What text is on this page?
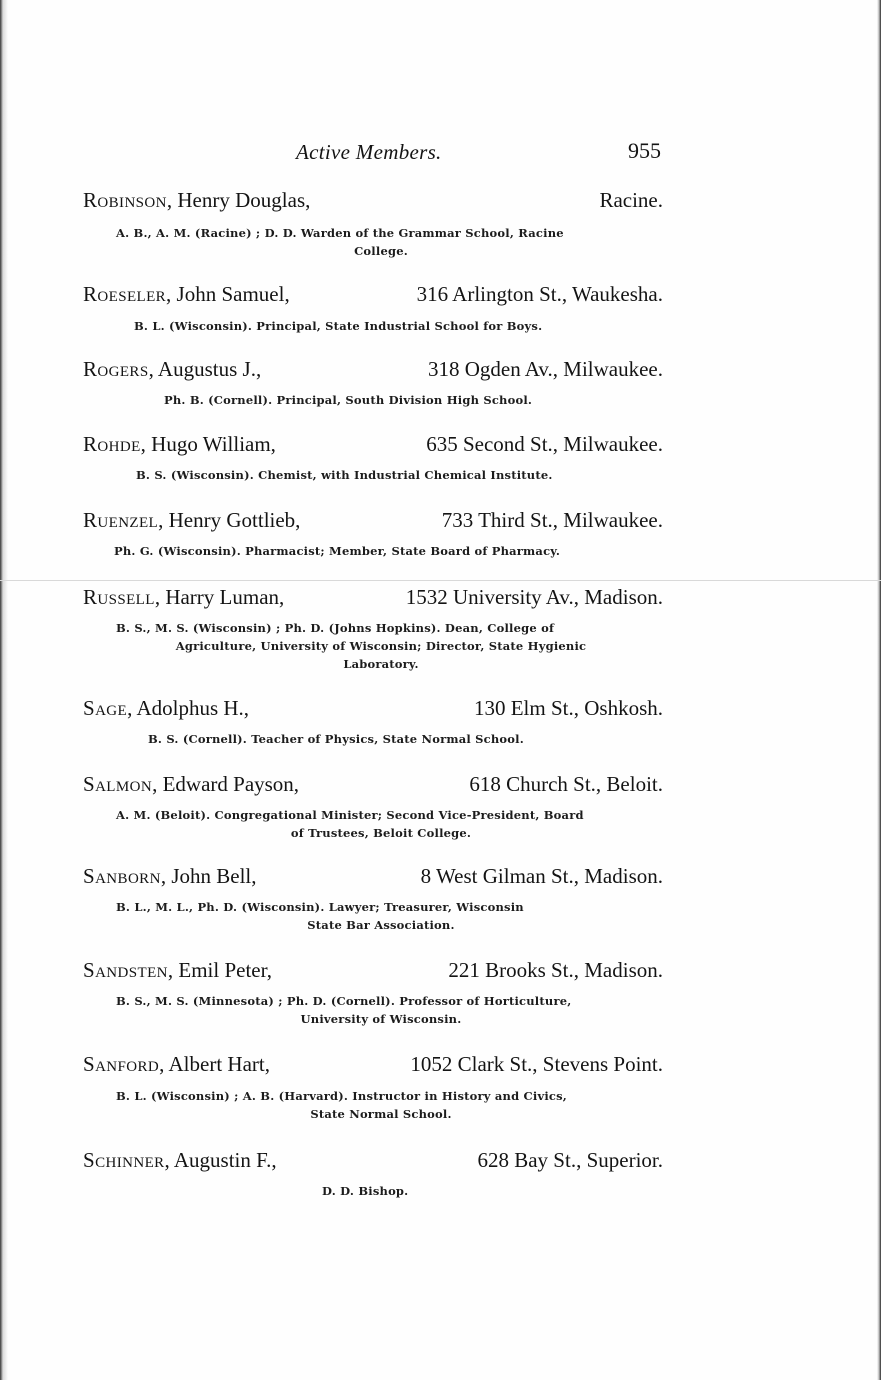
Active Members.	955
Robinson, Henry Douglas,	Racine.

A. B., A. M. (Racine) ; D. D. Warden of the Grammar School, Racine

College.

Roeseler, John Samuel,	316 Arlington St., Waukesha.

B. L. (Wisconsin). Principal, State Industrial School for Boys.

Rogers, Augustus J.,	318 Ogden Av., Milwaukee.

Ph. B. (Cornell). Principal, South Division High School.

Rohde, Hugo William,	635 Second St., Milwaukee.

B. S. (Wisconsin). Chemist, with Industrial Chemical Institute.

Ruenzel, Henry Gottlieb,	733 Third St., Milwaukee.

Ph. G. (Wisconsin). Pharmacist; Member, State Board of Pharmacy.

Russell, Harry Luman,	1532 University Av., Madison.

B. S., M. S. (Wisconsin) ; Ph. D. (Johns Hopkins). Dean, College of

Agriculture, University of Wisconsin; Director, State Hygienic

Laboratory.

Sage, Adolphus H.,	130 Elm St., Oshkosh.

B. S. (Cornell). Teacher of Physics, State Normal School.

Salmon, Edward Payson,	618 Church St., Beloit.

A. M. (Beloit). Congregational Minister; Second Vice-President, Board

of Trustees, Beloit College.

Sanborn, John Bell,	8 West Gilman St., Madison.

B. L., M. L., Ph. D. (Wisconsin). Lawyer; Treasurer, Wisconsin

State Bar Association.

Sandsten, Emil Peter,	221 Brooks St., Madison.

B. S., M. S. (Minnesota) ; Ph. D. (Cornell). Professor of Horticulture,

University of Wisconsin.

Sanford, Albert Hart,	1052 Clark St., Stevens Point.

B. L. (Wisconsin) ; A. B. (Harvard). Instructor in History and Civics,

State Normal School.

Schinner, Augustin F.,	628 Bay St., Superior.

D. D. Bishop.
